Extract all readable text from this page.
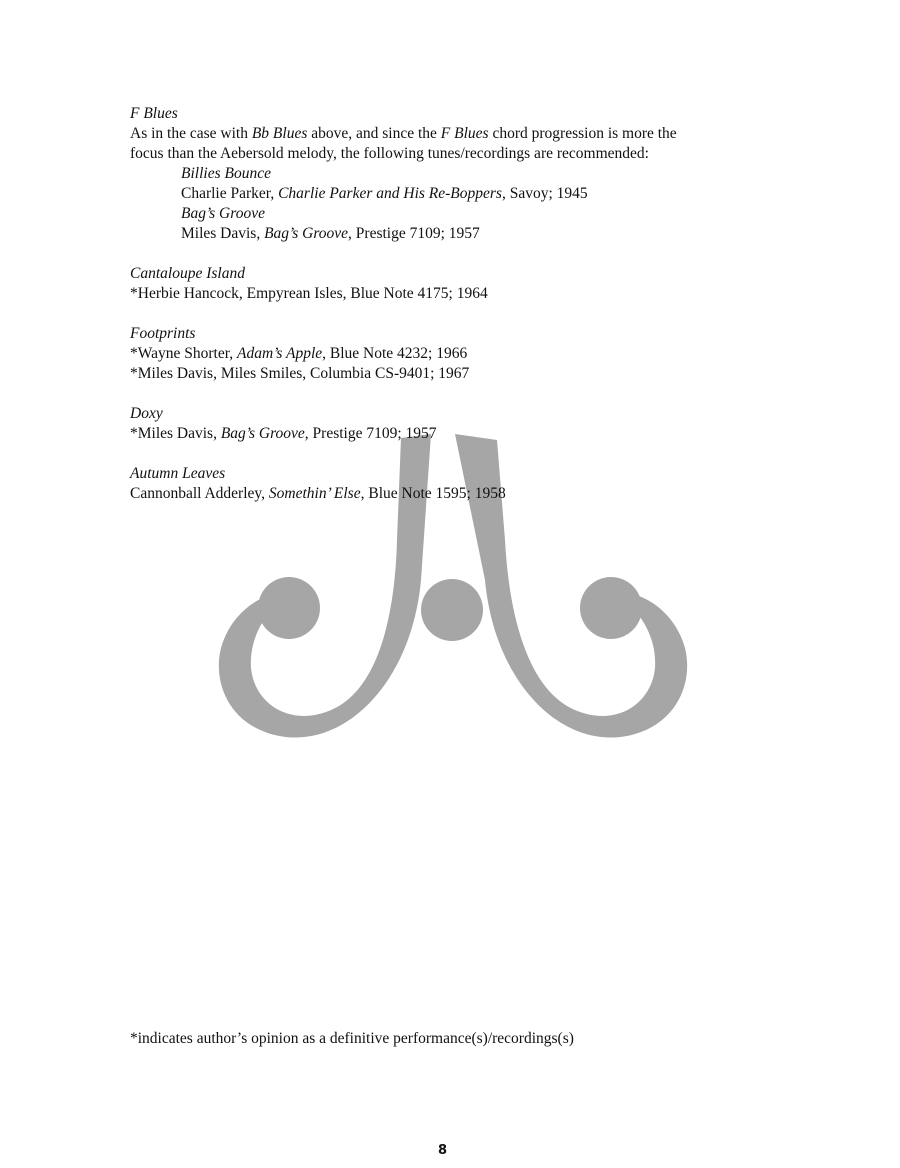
F Blues
As in the case with Bb Blues above, and since the F Blues chord progression is more the
focus than the Aebersold melody, the following tunes/recordings are recommended:
Billies Bounce
Charlie Parker, Charlie Parker and His Re-Boppers, Savoy; 1945
Bag’s Groove
Miles Davis, Bag’s Groove, Prestige 7109; 1957
Cantaloupe Island
*Herbie Hancock, Empyrean Isles, Blue Note 4175; 1964
Footprints
*Wayne Shorter, Adam’s Apple, Blue Note 4232; 1966
*Miles Davis, Miles Smiles, Columbia CS-9401; 1967
Doxy
*Miles Davis, Bag’s Groove, Prestige 7109; 1957
Autumn Leaves
Cannonball Adderley, Somethin’ Else, Blue Note 1595; 1958
*indicates author’s opinion as a definitive performance(s)/recordings(s)
8
